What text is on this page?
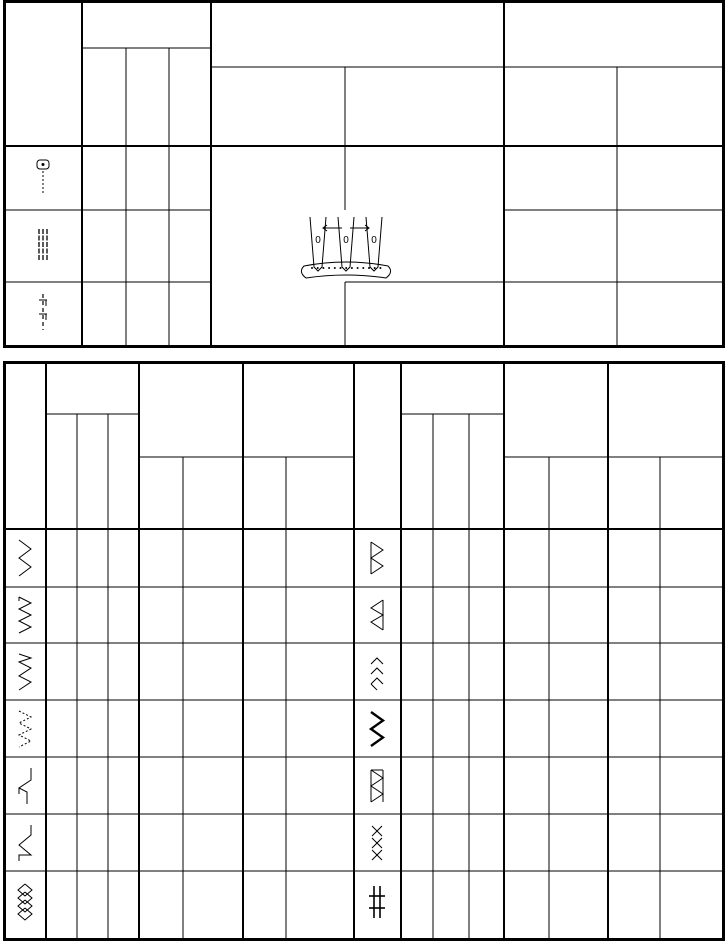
0 0 0
